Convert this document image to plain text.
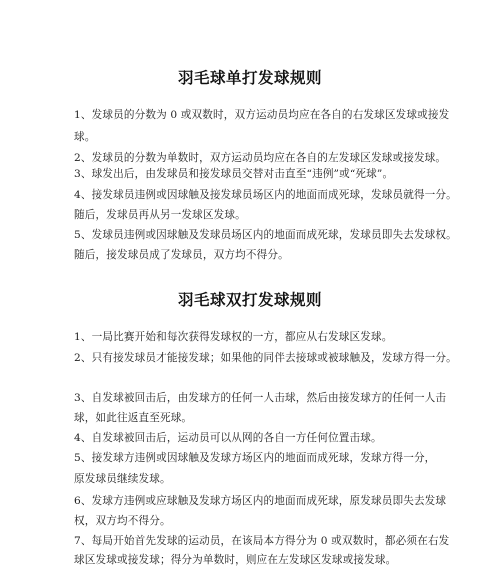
羽毛球单打发球规则
1、发球员的分数为 0 或双数时，双方运动员均应在各自的右发球区发球或接发
球。
2、发球员的分数为单数时，双方运动员均应在各自的左发球区发球或接发球。
3、球发出后，由发球员和接发球员交替对击直至“违例”或“死球”。
4、接发球员违例或因球触及接发球员场区内的地面而成死球，发球员就得一分。
随后，发球员再从另一发球区发球。
5、发球员违例或因球触及发球员场区内的地面而成死球，发球员即失去发球权。
随后，接发球员成了发球员，双方均不得分。
羽毛球双打发球规则
1、一局比赛开始和每次获得发球权的一方，都应从右发球区发球。
2、只有接发球员才能接发球；如果他的同伴去接球或被球触及，发球方得一分。
3、自发球被回击后，由发球方的任何一人击球，然后由接发球方的任何一人击
球，如此往返直至死球。
4、自发球被回击后，运动员可以从网的各自一方任何位置击球。
5、接发球方违例或因球触及发球方场区内的地面而成死球，发球方得一分，
原发球员继续发球。
6、发球方违例或应球触及发球方场区内的地面而成死球，原发球员即失去发球
权，双方均不得分。
7、每局开始首先发球的运动员，在该局本方得分为 0 或双数时，都必须在右发
球区发球或接发球；得分为单数时，则应在左发球区发球或接发球。
